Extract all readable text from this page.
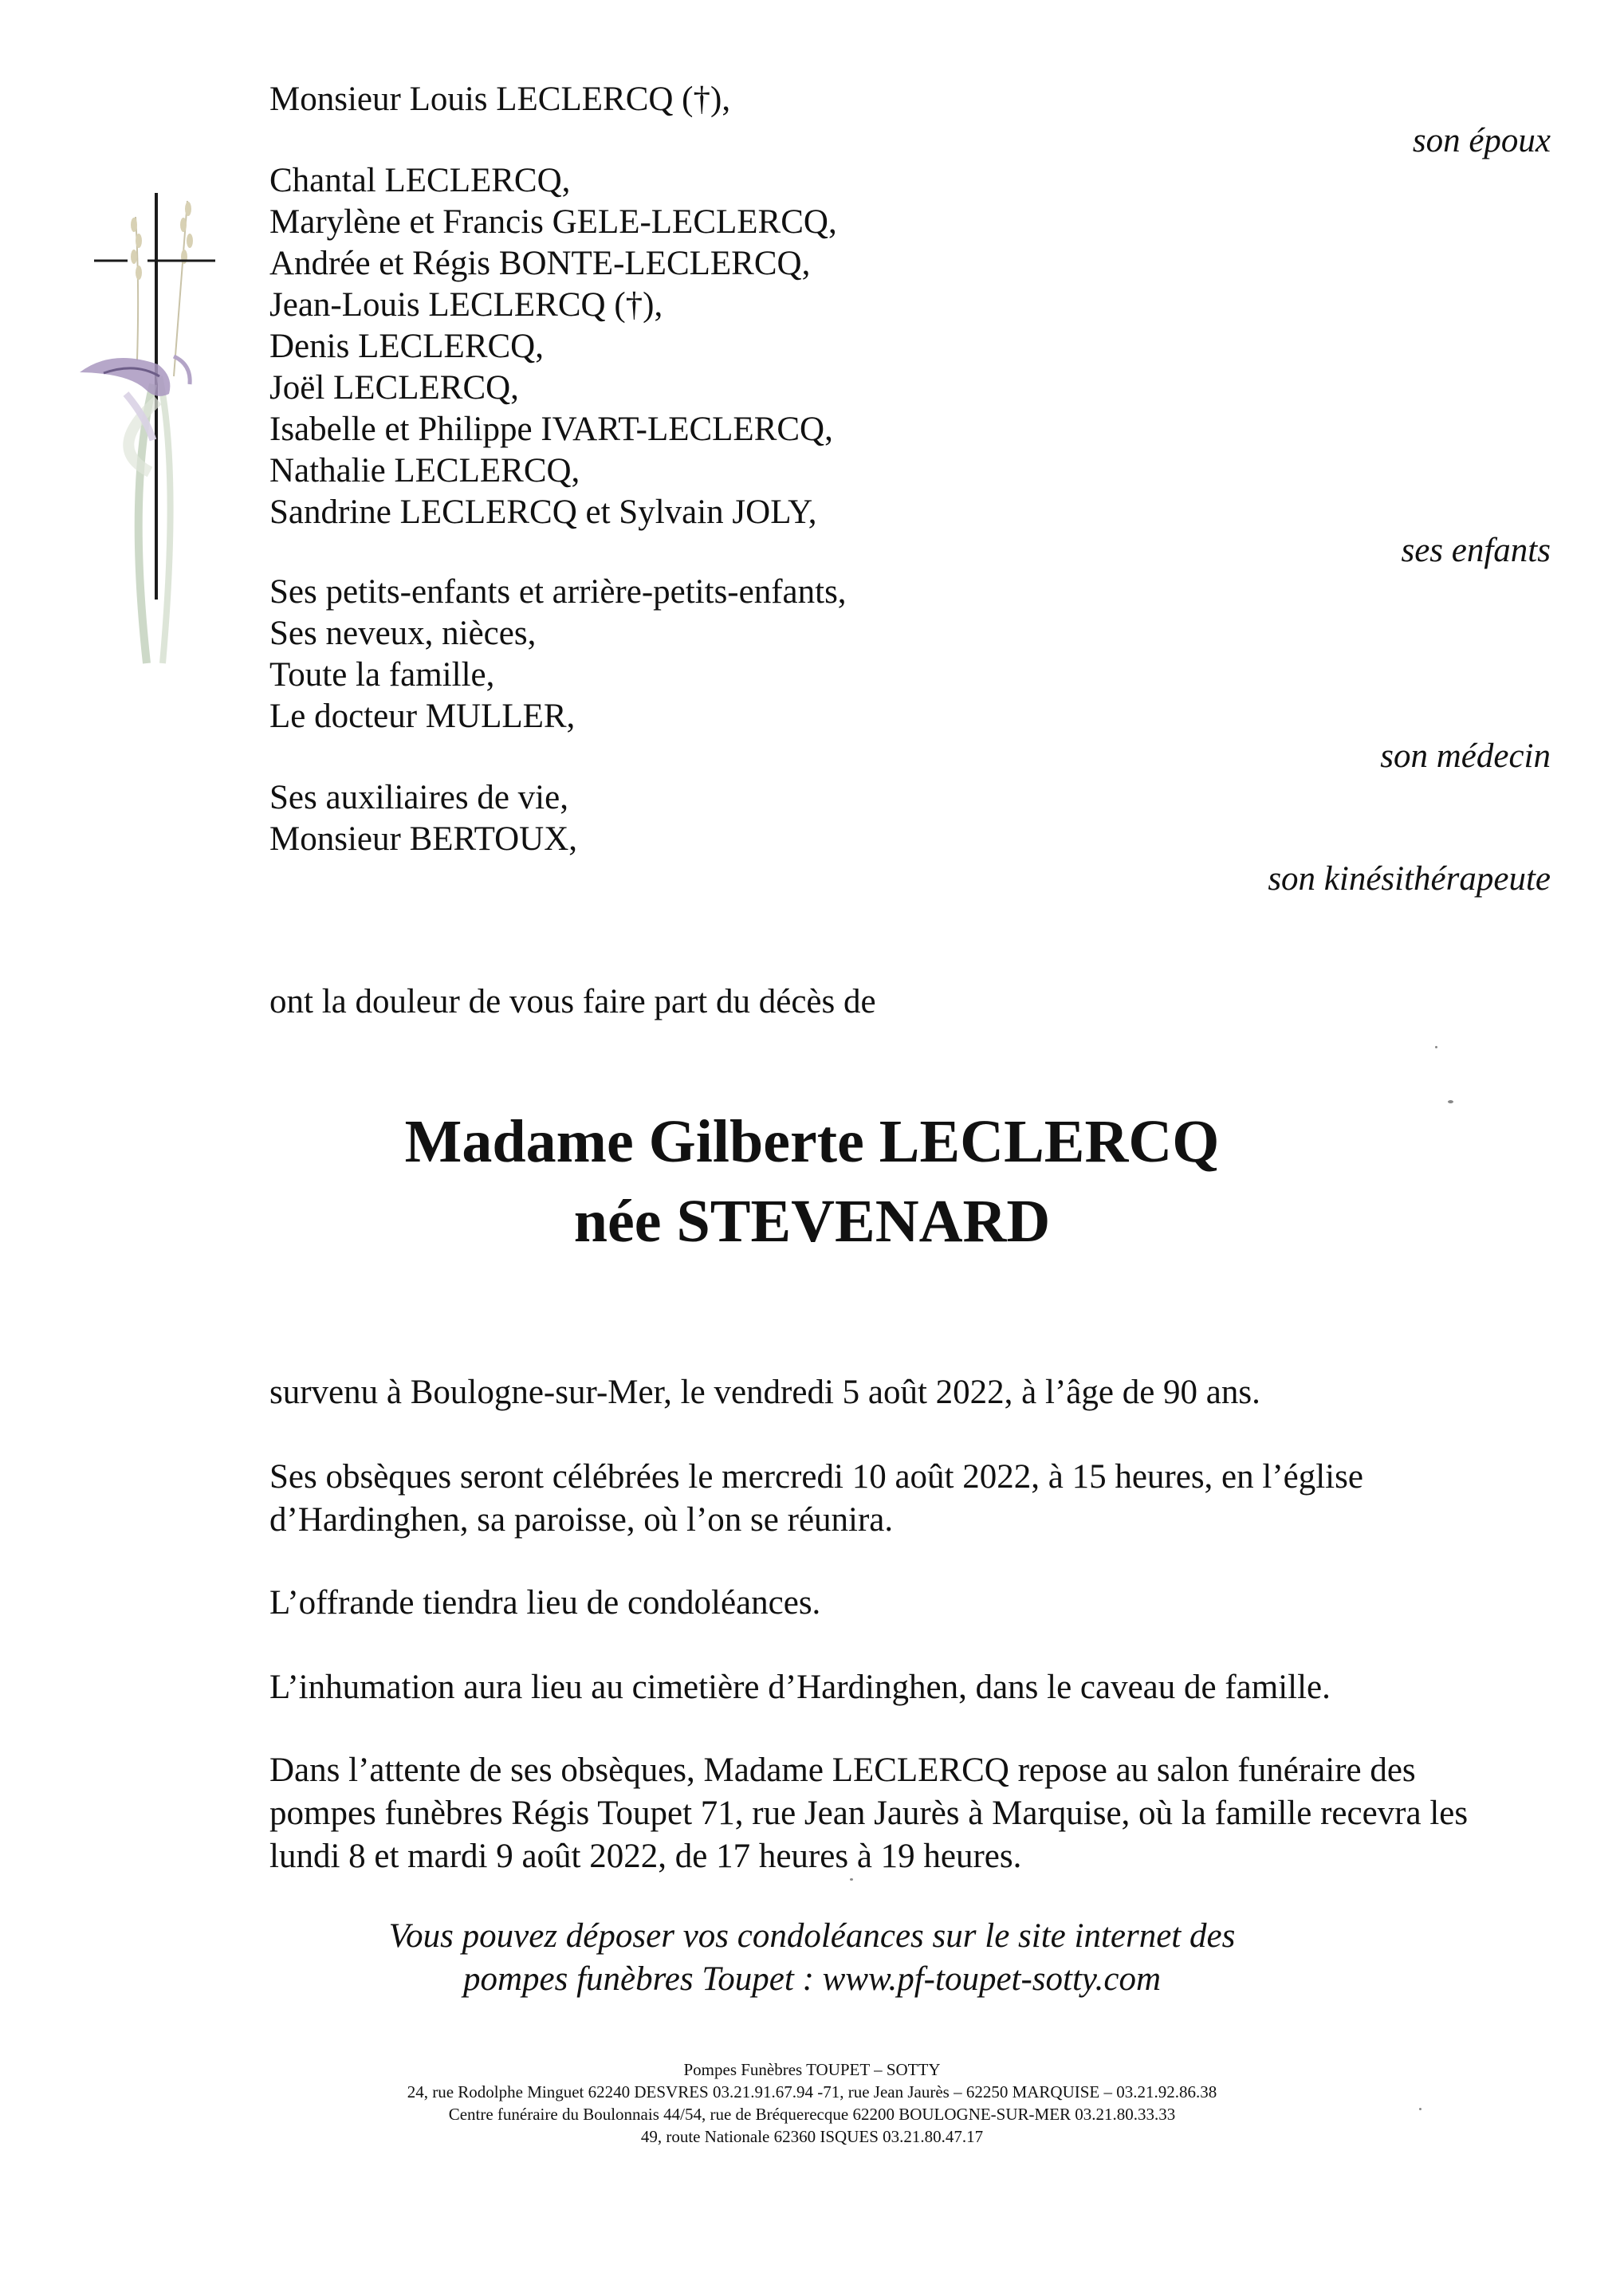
Monsieur Louis LECLERCQ (†),
son époux
Chantal LECLERCQ,
Marylène et Francis GELE-LECLERCQ,
Andrée et Régis BONTE-LECLERCQ,
Jean-Louis LECLERCQ (†),
Denis LECLERCQ,
Joël LECLERCQ,
Isabelle et Philippe IVART-LECLERCQ,
Nathalie LECLERCQ,
Sandrine LECLERCQ et Sylvain JOLY,
ses enfants
Ses petits-enfants et arrière-petits-enfants,
Ses neveux, nièces,
Toute la famille,
Le docteur MULLER,
son médecin
Ses auxiliaires de vie,
Monsieur BERTOUX,
son kinésithérapeute
ont la douleur de vous faire part du décès de
Madame Gilberte LECLERCQ
née STEVENARD
survenu à Boulogne-sur-Mer, le vendredi 5 août 2022, à l’âge de 90 ans.
Ses obsèques seront célébrées le mercredi 10 août 2022, à 15 heures, en l’église
d’Hardinghen, sa paroisse, où l’on se réunira.
L’offrande tiendra lieu de condoléances.
L’inhumation aura lieu au cimetière d’Hardinghen, dans le caveau de famille.
Dans l’attente de ses obsèques, Madame LECLERCQ repose au salon funéraire des
pompes funèbres Régis Toupet 71, rue Jean Jaurès à Marquise, où la famille recevra les
lundi 8 et mardi 9 août 2022, de 17 heures à 19 heures.
Vous pouvez déposer vos condoléances sur le site internet des
pompes funèbres Toupet : www.pf-toupet-sotty.com
Pompes Funèbres TOUPET – SOTTY
24, rue Rodolphe Minguet 62240 DESVRES 03.21.91.67.94 -71, rue Jean Jaurès – 62250 MARQUISE – 03.21.92.86.38
Centre funéraire du Boulonnais 44/54, rue de Bréquerecque 62200 BOULOGNE-SUR-MER 03.21.80.33.33
49, route Nationale 62360 ISQUES 03.21.80.47.17
